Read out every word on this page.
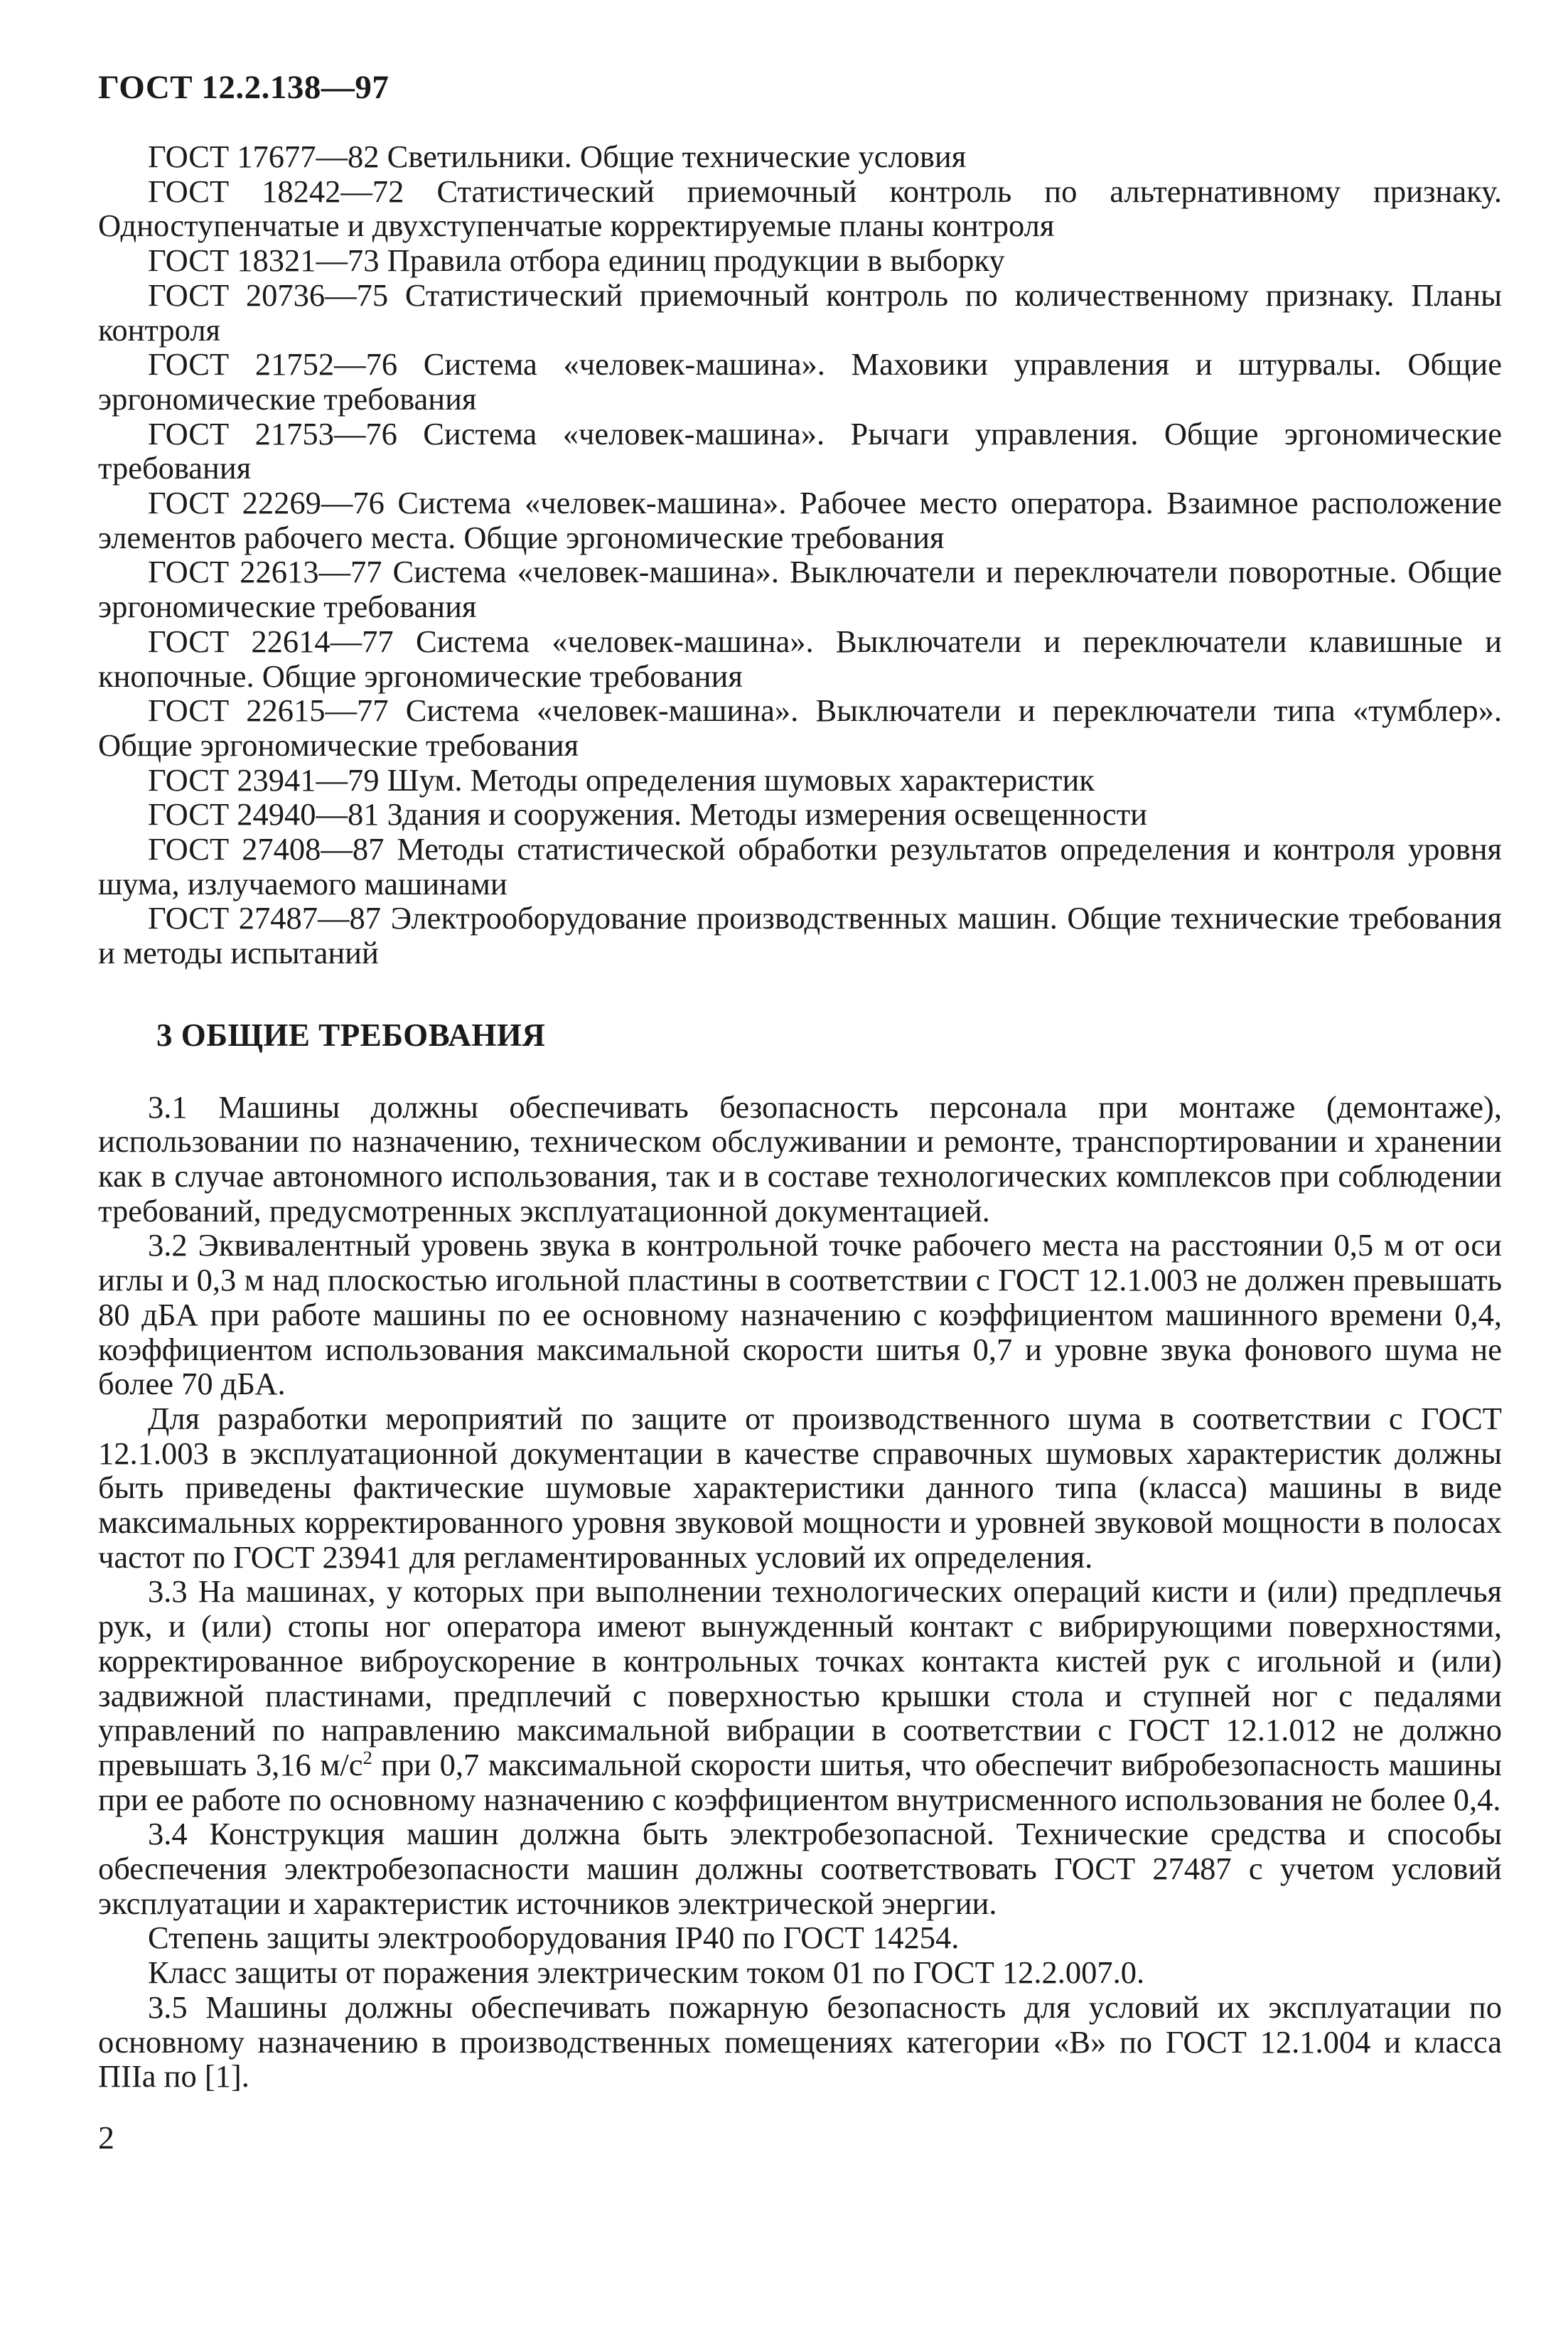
ГОСТ 12.2.138—97

ГОСТ 17677—82 Светильники. Общие технические условия

ГОСТ 18242—72 Статистический приемочный контроль по альтернативному признаку. Одноступенчатые и двухступенчатые корректируемые планы контроля

ГОСТ 18321—73 Правила отбора единиц продукции в выборку

ГОСТ 20736—75 Статистический приемочный контроль по количественному признаку. Планы контроля

ГОСТ 21752—76 Система «человек-машина». Маховики управления и штурвалы. Общие эргономические требования

ГОСТ 21753—76 Система «человек-машина». Рычаги управления. Общие эргономические требования

ГОСТ 22269—76 Система «человек-машина». Рабочее место оператора. Взаимное расположение элементов рабочего места. Общие эргономические требования

ГОСТ 22613—77 Система «человек-машина». Выключатели и переключатели поворотные. Общие эргономические требования

ГОСТ 22614—77 Система «человек-машина». Выключатели и переключатели клавишные и кнопочные. Общие эргономические требования

ГОСТ 22615—77 Система «человек-машина». Выключатели и переключатели типа «тумблер». Общие эргономические требования

ГОСТ 23941—79 Шум. Методы определения шумовых характеристик

ГОСТ 24940—81 Здания и сооружения. Методы измерения освещенности

ГОСТ 27408—87 Методы статистической обработки результатов определения и контроля уровня шума, излучаемого машинами

ГОСТ 27487—87 Электрооборудование производственных машин. Общие технические требования и методы испытаний

3 ОБЩИЕ ТРЕБОВАНИЯ

3.1 Машины должны обеспечивать безопасность персонала при монтаже (демонтаже), использовании по назначению, техническом обслуживании и ремонте, транспортировании и хранении как в случае автономного использования, так и в составе технологических комплексов при соблюдении требований, предусмотренных эксплуатационной документацией.

3.2 Эквивалентный уровень звука в контрольной точке рабочего места на расстоянии 0,5 м от оси иглы и 0,3 м над плоскостью игольной пластины в соответствии с ГОСТ 12.1.003 не должен превышать 80 дБА при работе машины по ее основному назначению с коэффициентом машинного времени 0,4, коэффициентом использования максимальной скорости шитья 0,7 и уровне звука фонового шума не более 70 дБА.

Для разработки мероприятий по защите от производственного шума в соответствии с ГОСТ 12.1.003 в эксплуатационной документации в качестве справочных шумовых характеристик должны быть приведены фактические шумовые характеристики данного типа (класса) машины в виде максимальных корректированного уровня звуковой мощности и уровней звуковой мощности в полосах частот по ГОСТ 23941 для регламентированных условий их определения.

3.3 На машинах, у которых при выполнении технологических операций кисти и (или) предплечья рук, и (или) стопы ног оператора имеют вынужденный контакт с вибрирующими поверхностями, корректированное виброускорение в контрольных точках контакта кистей рук с игольной и (или) задвижной пластинами, предплечий с поверхностью крышки стола и ступней ног с педалями управлений по направлению максимальной вибрации в соответствии с ГОСТ 12.1.012 не должно превышать 3,16 $м/с^2$ при 0,7 максимальной скорости шитья, что обеспечит вибробезопасность машины при ее работе по основному назначению с коэффициентом внутрисменного использования не более 0,4.

3.4 Конструкция машин должна быть электробезопасной. Технические средства и способы обеспечения электробезопасности машин должны соответствовать ГОСТ 27487 с учетом условий эксплуатации и характеристик источников электрической энергии.

Степень защиты электрооборудования IP40 по ГОСТ 14254.

Класс защиты от поражения электрическим током 01 по ГОСТ 12.2.007.0.

3.5 Машины должны обеспечивать пожарную безопасность для условий их эксплуатации по основному назначению в производственных помещениях категории «В» по ГОСТ 12.1.004 и класса ПIIа по [1].

2
